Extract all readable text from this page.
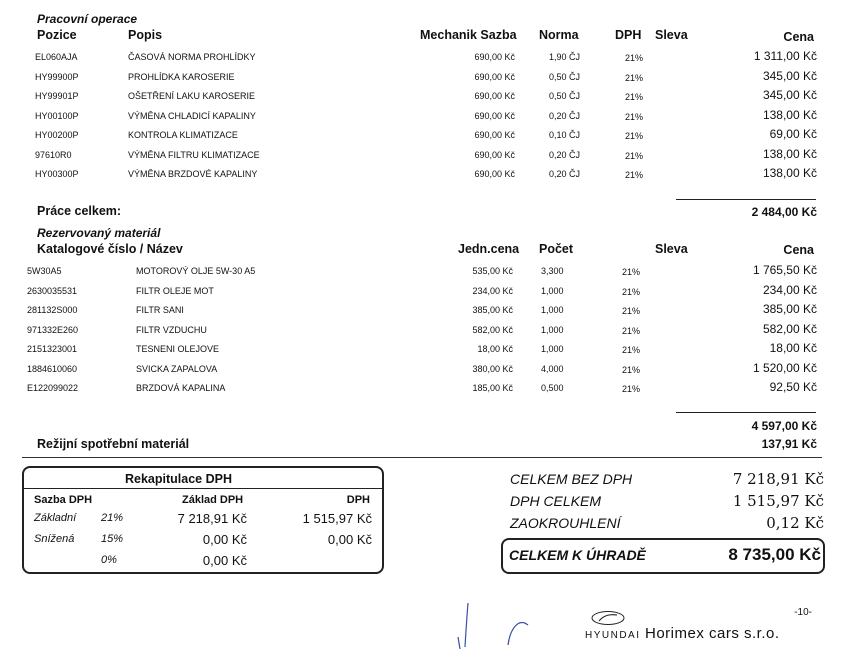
Pracovní operace
Pozice	Popis	Mechanik Sazba Norma	DPH Sleva	Cena
EL060AJA	ČASOVÁ NORMA PROHLÍDKY	690,00 Kč	1,90 ČJ	21%	1 311,00 Kč
HY99900P	PROHLÍDKA KAROSERIE	690,00 Kč	0,50 ČJ	21%	345,00 Kč
HY99901P	OŠETŘENÍ LAKU KAROSERIE	690,00 Kč	0,50 ČJ	21%	345,00 Kč
HY00100P	VÝMĚNA CHLADICÍ KAPALINY	690,00 Kč	0,20 ČJ	21%	138,00 Kč
HY00200P	KONTROLA KLIMATIZACE	690,00 Kč	0,10 ČJ	21%	69,00 Kč
97610R0	VÝMĚNA FILTRU KLIMATIZACE	690,00 Kč	0,20 ČJ	21%	138,00 Kč
HY00300P	VÝMĚNA BRZDOVÉ KAPALINY	690,00 Kč	0,20 ČJ	21%	138,00 Kč
Práce celkem:	2 484,00 Kč
Rezervovaný materiál
Katalogové číslo / Název	Jedn.cena Počet	Sleva	Cena
5W30A5	MOTOROVÝ OLJE 5W-30 A5	535,00 Kč	3,300	21%	1 765,50 Kč
2630035531	FILTR OLEJE MOT	234,00 Kč	1,000	21%	234,00 Kč
281132S000	FILTR SANI	385,00 Kč	1,000	21%	385,00 Kč
971332E260	FILTR VZDUCHU	582,00 Kč	1,000	21%	582,00 Kč
2151323001	TESNENI OLEJOVE	18,00 Kč	1,000	21%	18,00 Kč
1884610060	SVICKA ZAPALOVA	380,00 Kč	4,000	21%	1 520,00 Kč
E122099022	BRZDOVÁ KAPALINA	185,00 Kč	0,500	21%	92,50 Kč
4 597,00 Kč
Režijní spotřební materiál	137,91 Kč
Rekapitulace DPH
Sazba DPH	Základ DPH	DPH
Základní 21%	7 218,91 Kč	1 515,97 Kč
Snížená 15%	0,00 Kč	0,00 Kč
0%	0,00 Kč
CELKEM BEZ DPH	7 218,91 Kč
DPH CELKEM	1 515,97 Kč
ZAOKROUHLENÍ	0,12 Kč
CELKEM K ÚHRADĚ	8 735,00 Kč
-10-
HYUNDAI Horimex cars s.r.o.
